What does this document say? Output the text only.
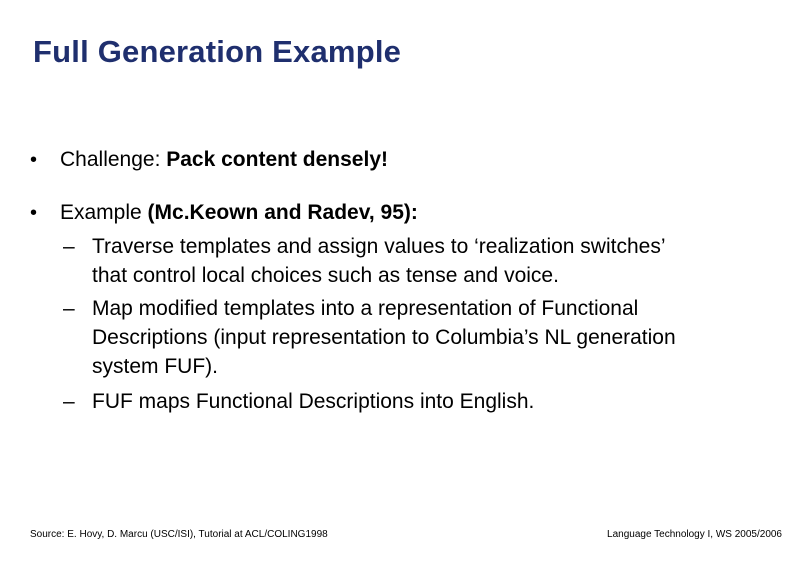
Full Generation Example
• Challenge: Pack content densely!
• Example (Mc.Keown and Radev, 95):
– Traverse templates and assign values to ‘realization switches’
that control local choices such as tense and voice.
– Map modified templates into a representation of Functional
Descriptions (input representation to Columbia’s NL generation
system FUF).
– FUF maps Functional Descriptions into English.
Source: E. Hovy, D. Marcu (USC/ISI), Tutorial at ACL/COLING1998	Language Technology I, WS 2005/2006
